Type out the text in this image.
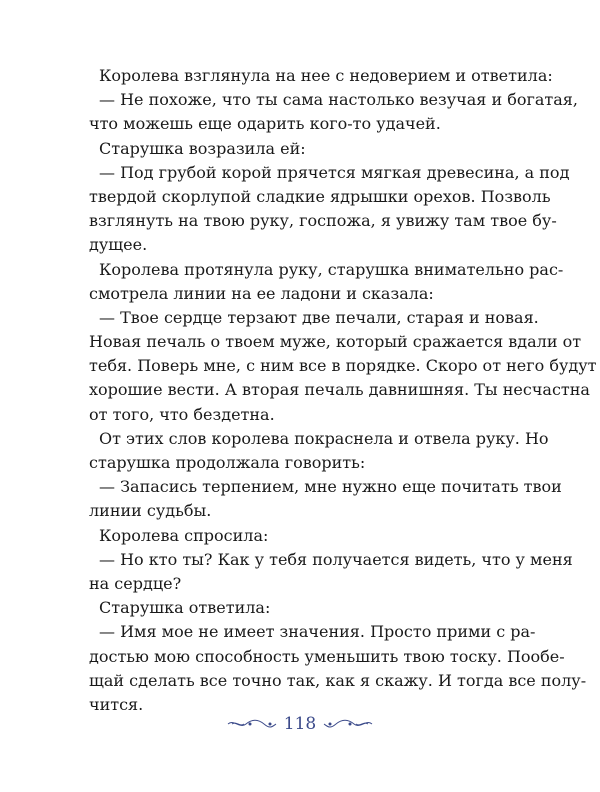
Королева взглянула на нее с недоверием и ответила:
— Не похоже, что ты сама настолько везучая и богатая,
что можешь еще одарить кого-то удачей.
Старушка возразила ей:
— Под грубой корой прячется мягкая древесина, а под
твердой скорлупой сладкие ядрышки орехов. Позволь
взглянуть на твою руку, госпожа, я увижу там твое бу-
дущее.
Королева протянула руку, старушка внимательно рас-
смотрела линии на ее ладони и сказала:
— Твое сердце терзают две печали, старая и новая.
Новая печаль о твоем муже, который сражается вдали от
тебя. Поверь мне, с ним все в порядке. Скоро от него будут
хорошие вести. А вторая печаль давнишняя. Ты несчастна
от того, что бездетна.
От этих слов королева покраснела и отвела руку. Но
старушка продолжала говорить:
— Запасись терпением, мне нужно еще почитать твои
линии судьбы.
Королева спросила:
— Но кто ты? Как у тебя получается видеть, что у меня
на сердце?
Старушка ответила:
— Имя мое не имеет значения. Просто прими с ра-
достью мою способность уменьшить твою тоску. Пообе-
щай сделать все точно так, как я скажу. И тогда все полу-
чится.
118
